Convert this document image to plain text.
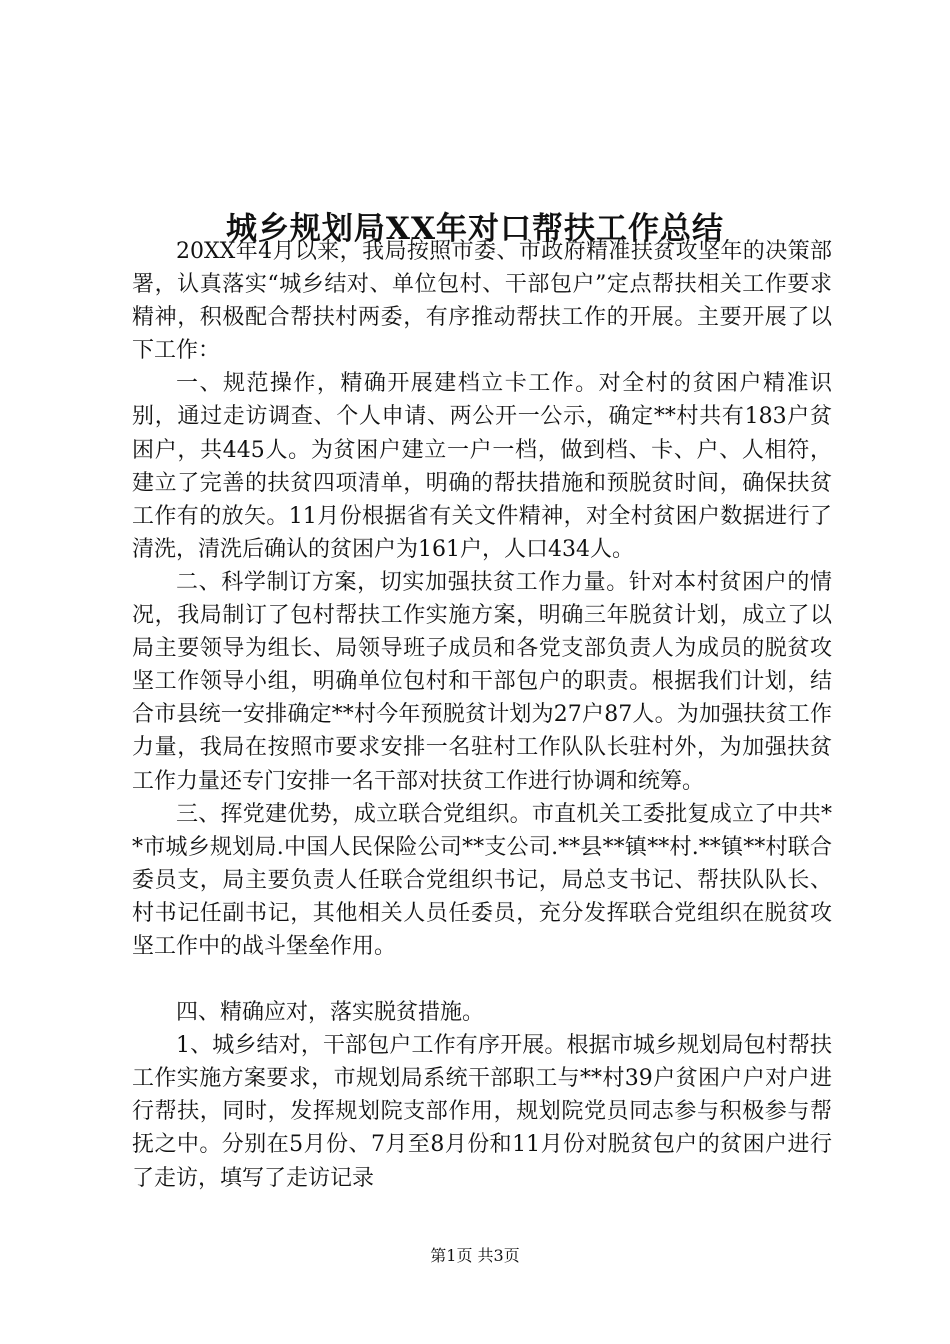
城乡规划局XX年对口帮扶工作总结

20XX年4月以来，我局按照市委、市政府精准扶贫攻坚年的决策部署，认真落实“城乡结对、单位包村、干部包户”定点帮扶相关工作要求精神，积极配合帮扶村两委，有序推动帮扶工作的开展。主要开展了以下工作：

一、规范操作，精确开展建档立卡工作。对全村的贫困户精准识别，通过走访调查、个人申请、两公开一公示，确定**村共有183户贫困户，共445人。为贫困户建立一户一档，做到档、卡、户、人相符，建立了完善的扶贫四项清单，明确的帮扶措施和预脱贫时间，确保扶贫工作有的放矢。11月份根据省有关文件精神，对全村贫困户数据进行了清洗，清洗后确认的贫困户为161户，人口434人。

二、科学制订方案，切实加强扶贫工作力量。针对本村贫困户的情况，我局制订了包村帮扶工作实施方案，明确三年脱贫计划，成立了以局主要领导为组长、局领导班子成员和各党支部负责人为成员的脱贫攻坚工作领导小组，明确单位包村和干部包户的职责。根据我们计划，结合市县统一安排确定**村今年预脱贫计划为27户87人。为加强扶贫工作力量，我局在按照市要求安排一名驻村工作队队长驻村外，为加强扶贫工作力量还专门安排一名干部对扶贫工作进行协调和统筹。

三、挥党建优势，成立联合党组织。市直机关工委批复成立了中共**市城乡规划局.中国人民保险公司**支公司.**县**镇**村.**镇**村联合委员支，局主要负责人任联合党组织书记，局总支书记、帮扶队队长、村书记任副书记，其他相关人员任委员，充分发挥联合党组织在脱贫攻坚工作中的战斗堡垒作用。

四、精确应对，落实脱贫措施。

1、城乡结对，干部包户工作有序开展。根据市城乡规划局包村帮扶工作实施方案要求，市规划局系统干部职工与**村39户贫困户户对户进行帮扶，同时，发挥规划院支部作用，规划院党员同志参与积极参与帮抚之中。分别在5月份、7月至8月份和11月份对脱贫包户的贫困户进行了走访，填写了走访记录

第1页 共3页
